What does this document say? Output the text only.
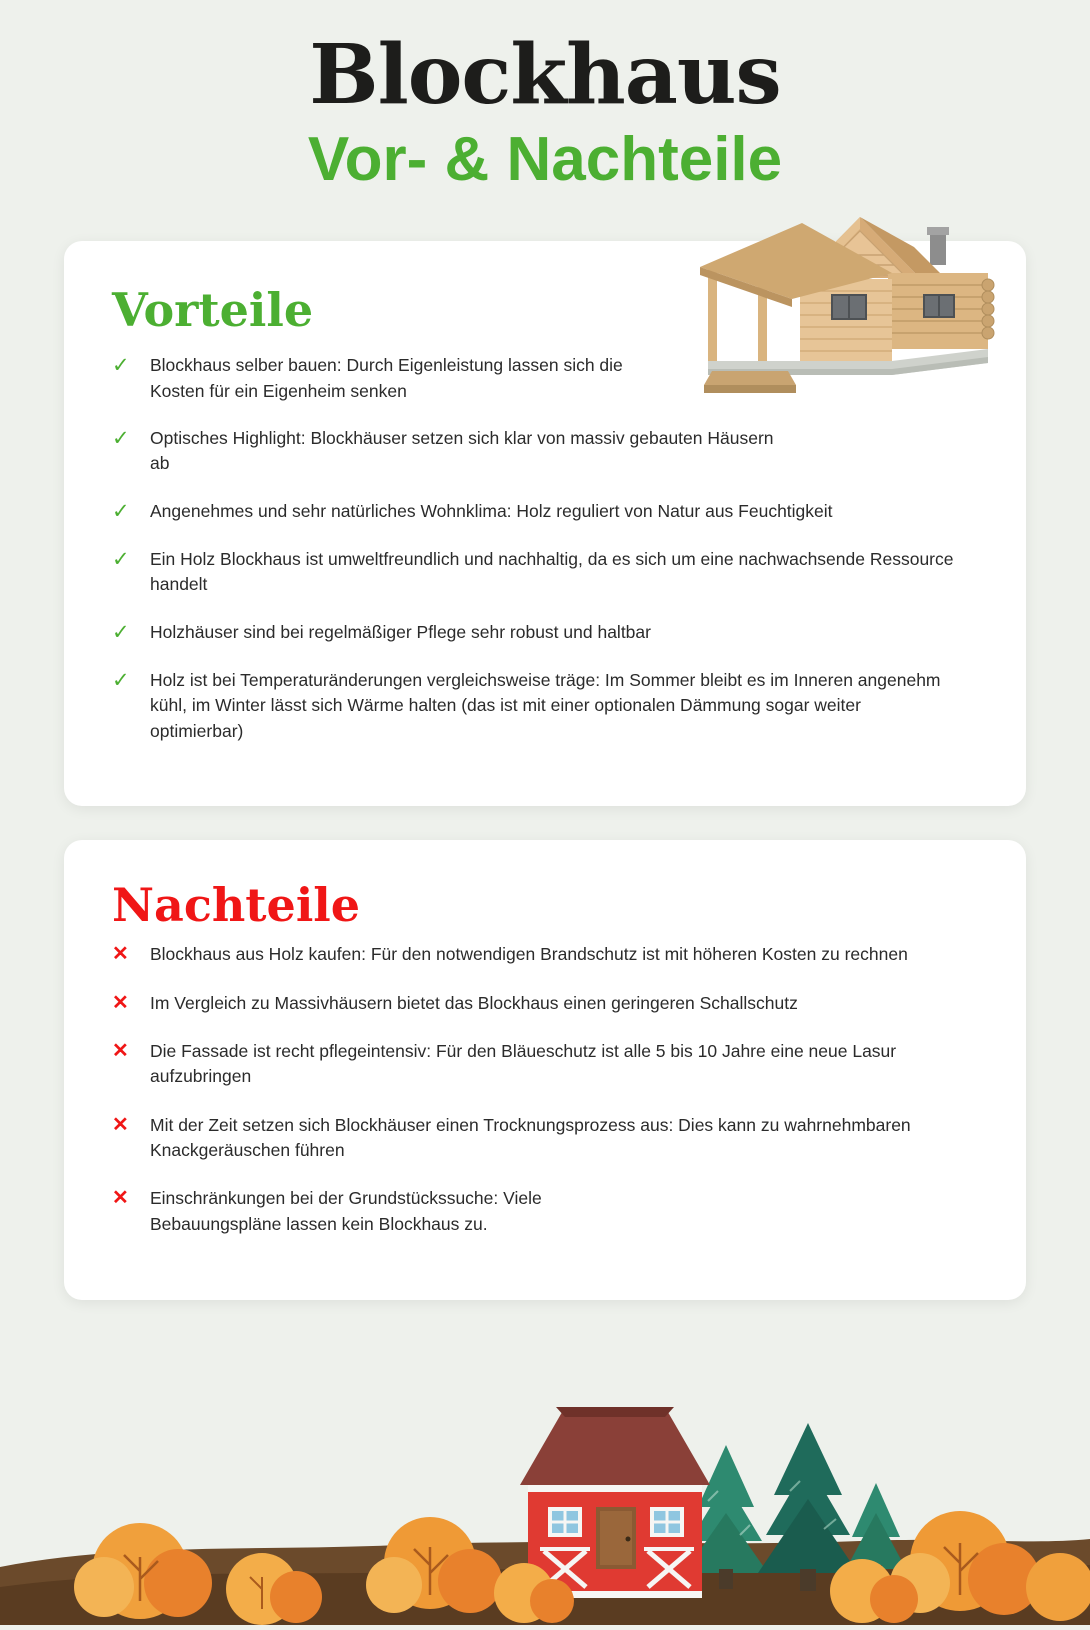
Blockhaus
Vor- & Nachteile
Vorteile
✓	Blockhaus selber bauen: Durch Eigenleistung lassen sich die Kosten für ein Eigenheim senken
✓	Optisches Highlight: Blockhäuser setzen sich klar von massiv gebauten Häusern ab
✓	Angenehmes und sehr natürliches Wohnklima: Holz reguliert von Natur aus Feuchtigkeit
✓	Ein Holz Blockhaus ist umweltfreundlich und nachhaltig, da es sich um eine nachwachsende Ressource handelt
✓	Holzhäuser sind bei regelmäßiger Pflege sehr robust und haltbar
✓	Holz ist bei Temperaturänderungen vergleichsweise träge: Im Sommer bleibt es im Inneren angenehm kühl, im Winter lässt sich Wärme halten (das ist mit einer optionalen Dämmung sogar weiter optimierbar)
Nachteile
✕	Blockhaus aus Holz kaufen: Für den notwendigen Brandschutz ist mit höheren Kosten zu rechnen
✕	Im Vergleich zu Massivhäusern bietet das Blockhaus einen geringeren Schallschutz
✕	Die Fassade ist recht pflegeintensiv: Für den Bläueschutz ist alle 5 bis 10 Jahre eine neue Lasur aufzubringen
✕	Mit der Zeit setzen sich Blockhäuser einen Trocknungsprozess aus: Dies kann zu wahrnehmbaren Knackgeräuschen führen
✕	Einschränkungen bei der Grundstückssuche: Viele Bebauungspläne lassen kein Blockhaus zu.
